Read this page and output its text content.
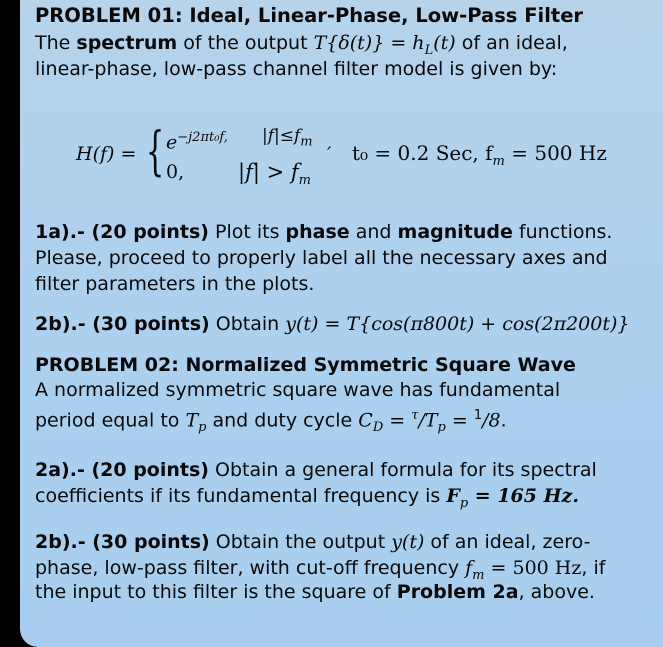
PROBLEM 01: Ideal, Linear-Phase, Low-Pass Filter
The spectrum of the output $T\{\delta(t)\} = h_L(t)$ of an ideal,
linear-phase, low-pass channel filter model is given by:
H(f) = { $e^{-j2\pi t_0f,}$ $|f|\le f_m$
0,	$|f| > f_m$
′ t₀ = 0.2 Sec, $f_m = 500$ Hz
1a).- (20 points) Plot its phase and magnitude functions.
Please, proceed to properly label all the necessary axes and
filter parameters in the plots.
2b).- (30 points) Obtain y(t) = T{cos(π800t) + cos(2π200t)}
PROBLEM 02: Normalized Symmetric Square Wave
A normalized symmetric square wave has fundamental
period equal to $T_p$ and duty cycle $C_D = ^\tau/T_p = ^1/8$.
2a).- (20 points) Obtain a general formula for its spectral
coefficients if its fundamental frequency is $F_p = 165$ Hz.
2b).- (30 points) Obtain the output y(t) of an ideal, zero-
phase, low-pass filter, with cut-off frequency $f_m = 500$ Hz, if
the input to this filter is the square of Problem 2a, above.
